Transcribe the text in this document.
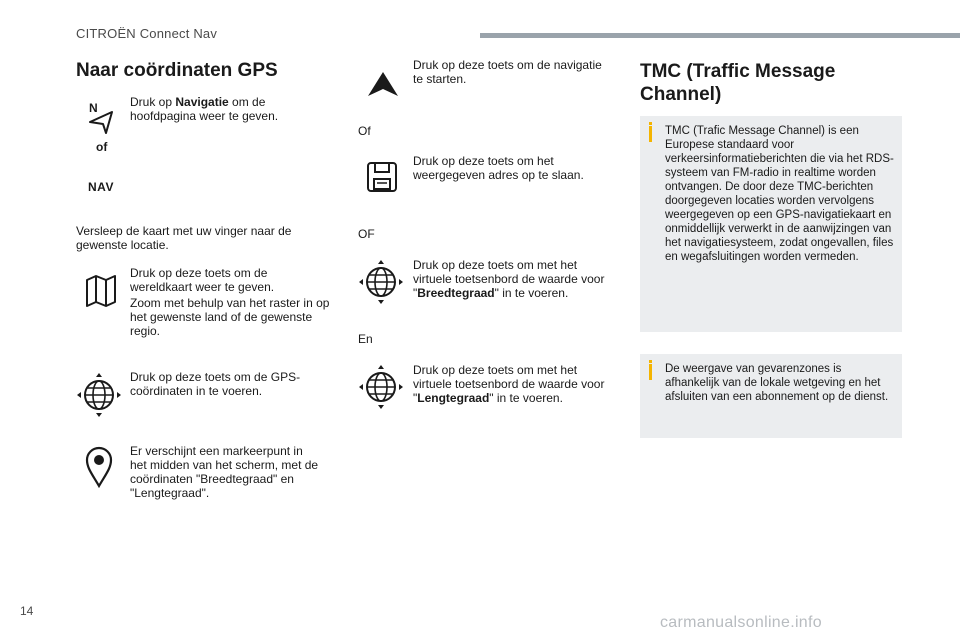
CITROËN Connect Nav
Naar coördinaten GPS
N
of
NAV
Druk op Navigatie om de hoofdpagina weer te geven.
Versleep de kaart met uw vinger naar de gewenste locatie.
Druk op deze toets om de wereldkaart weer te geven.
Zoom met behulp van het raster in op het gewenste land of de gewenste regio.
Druk op deze toets om de GPS-coördinaten in te voeren.
Er verschijnt een markeerpunt in het midden van het scherm, met de coördinaten "Breedtegraad" en "Lengtegraad".
Druk op deze toets om de navigatie te starten.
Of
Druk op deze toets om het weergegeven adres op te slaan.
OF
Druk op deze toets om met het virtuele toetsenbord de waarde voor "Breedtegraad" in te voeren.
En
Druk op deze toets om met het virtuele toetsenbord de waarde voor "Lengtegraad" in te voeren.
TMC (Traffic Message Channel)
TMC (Trafic Message Channel) is een Europese standaard voor verkeersinformatieberichten die via het RDS-systeem van FM-radio in realtime worden ontvangen. De door deze TMC-berichten doorgegeven locaties worden vervolgens weergegeven op een GPS-navigatiekaart en onmiddellijk verwerkt in de aanwijzingen van het navigatiesysteem, zodat ongevallen, files en wegafsluitingen worden vermeden.
De weergave van gevarenzones is afhankelijk van de lokale wetgeving en het afsluiten van een abonnement op de dienst.
14
carmanualsonline.info
